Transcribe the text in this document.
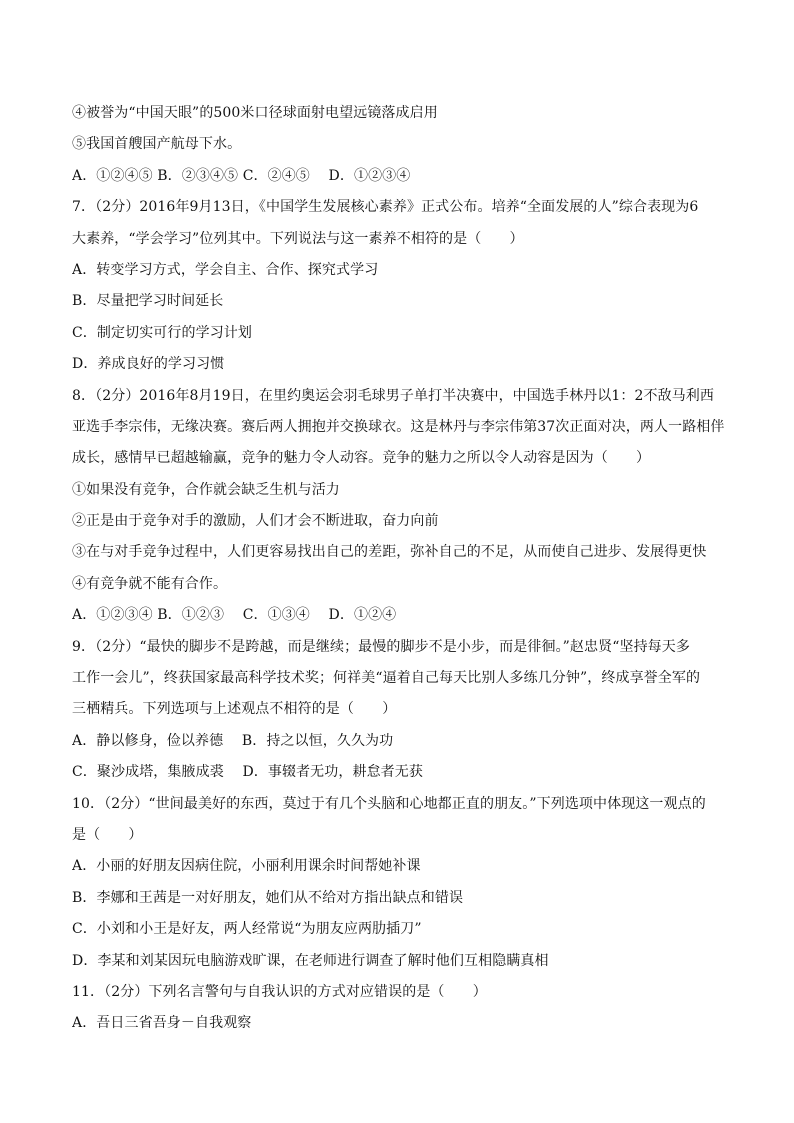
④被誉为“中国天眼”的500米口径球面射电望远镜落成启用
⑤我国首艘国产航母下水。
A．①②④⑤ B．②③④⑤ C．②④⑤　 D．①②③④
7．（2分）2016年9月13日，《中国学生发展核心素养》正式公布。培养“全面发展的人”综合表现为6
大素养，“学会学习”位列其中。下列说法与这一素养不相符的是（　　）
A．转变学习方式，学会自主、合作、探究式学习
B．尽量把学习时间延长
C．制定切实可行的学习计划
D．养成良好的学习习惯
8．（2分）2016年8月19日，在里约奥运会羽毛球男子单打半决赛中，中国选手林丹以1：2不敌马利西
亚选手李宗伟，无缘决赛。赛后两人拥抱并交换球衣。这是林丹与李宗伟第37次正面对决，两人一路相伴
成长，感情早已超越输赢，竞争的魅力令人动容。竞争的魅力之所以令人动容是因为（　　）
①如果没有竞争，合作就会缺乏生机与活力
②正是由于竞争对手的激励，人们才会不断进取，奋力向前
③在与对手竞争过程中，人们更容易找出自己的差距，弥补自己的不足，从而使自己进步、发展得更快
④有竞争就不能有合作。
A．①②③④ B．①②③　 C．①③④　 D．①②④
9．（2分）“最快的脚步不是跨越，而是继续；最慢的脚步不是小步，而是徘徊。”赵忠贤“坚持每天多
工作一会儿”，终获国家最高科学技术奖；何祥美“逼着自己每天比别人多练几分钟”，终成享誉全军的
三栖精兵。下列选项与上述观点不相符的是（　　）
A．静以修身，俭以养德　 B．持之以恒，久久为功
C．聚沙成塔，集腋成裘　 D．事辍者无功，耕怠者无获
10．（2分）“世间最美好的东西，莫过于有几个头脑和心地都正直的朋友。”下列选项中体现这一观点的
是（　　）
A．小丽的好朋友因病住院，小丽利用课余时间帮她补课
B．李娜和王茜是一对好朋友，她们从不给对方指出缺点和错误
C．小刘和小王是好友，两人经常说“为朋友应两肋插刀”
D．李某和刘某因玩电脑游戏旷课，在老师进行调查了解时他们互相隐瞒真相
11．（2分）下列名言警句与自我认识的方式对应错误的是（　　）
A．吾日三省吾身－自我观察
